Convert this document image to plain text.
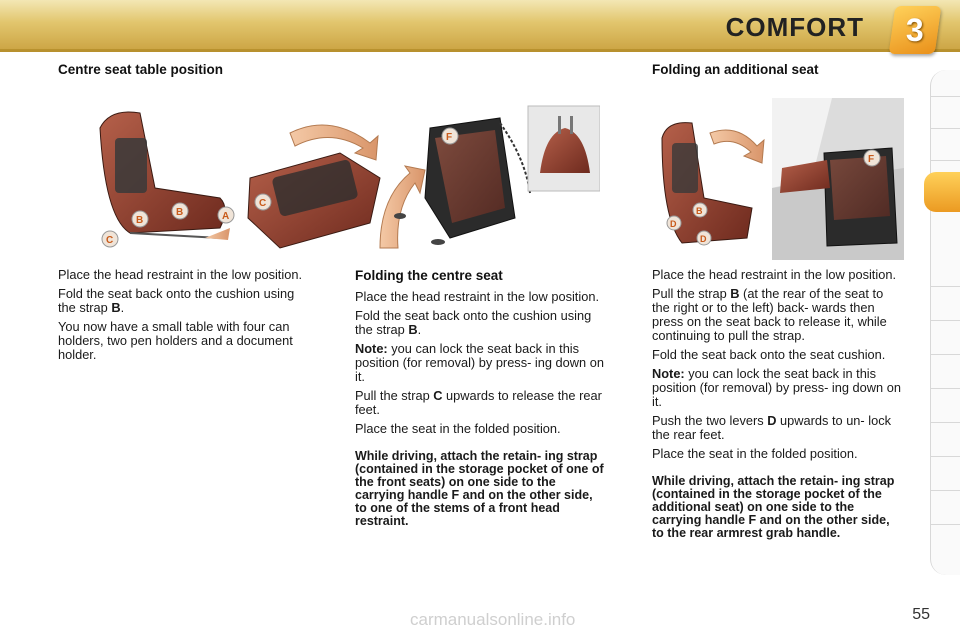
COMFORT 3
Centre seat table position	Folding an additional seat
C
B
B	A
C
F
D
B
D
F

Place the head restraint in the low position.

Fold the seat back onto the cushion using the strap B.

You now have a small table with four can holders, two pen holders and a document holder.

Folding the centre seat

Place the head restraint in the low position.

Fold the seat back onto the cushion using the strap B.

Note: you can lock the seat back in this position (for removal) by press- ing down on it.

Pull the strap C upwards to release the rear feet.

Place the seat in the folded position.

While driving, attach the retain- ing strap (contained in the storage pocket of one of the front seats) on one side to the carrying handle F and on the other side, to one of the stems of a front head restraint.

Place the head restraint in the low position.

Pull the strap B (at the rear of the seat to the right or to the left) back- wards then press on the seat back to release it, while continuing to pull the strap.

Fold the seat back onto the seat cushion.

Note: you can lock the seat back in this position (for removal) by press- ing down on it.

Push the two levers D upwards to un- lock the rear feet.

Place the seat in the folded position.

While driving, attach the retain- ing strap (contained in the storage pocket of the additional seat) on one side to the carrying handle F and on the other side, to the rear armrest grab handle.

55
carmanualsonline.info
